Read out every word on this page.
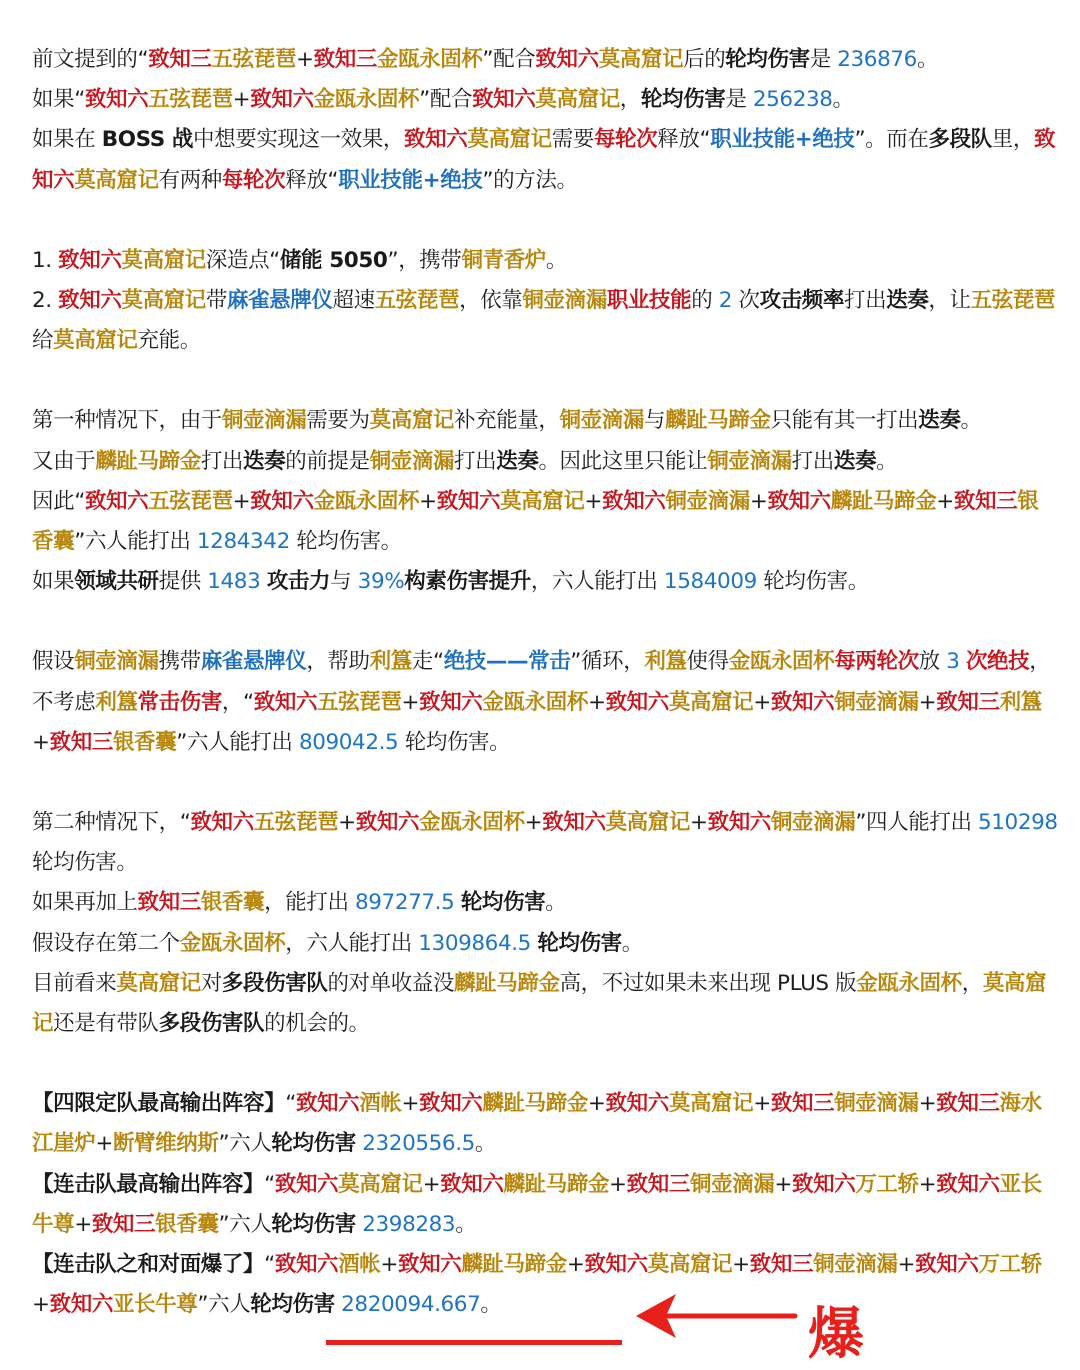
前文提到的“致知三五弦琵琶+致知三金瓯永固杯”配合致知六莫高窟记后的轮均伤害是 236876。

如果“致知六五弦琵琶+致知六金瓯永固杯”配合致知六莫高窟记，轮均伤害是 256238。

如果在 BOSS 战中想要实现这一效果，致知六莫高窟记需要每轮次释放“职业技能+绝技”。而在多段队里，致知六莫高窟记有两种每轮次释放“职业技能+绝技”的方法。

1. 致知六莫高窟记深造点“储能 5050”，携带铜青香炉。

2. 致知六莫高窟记带麻雀悬牌仪超速五弦琵琶，依靠铜壶滴漏职业技能的 2 次攻击频率打出迭奏，让五弦琵琶给莫高窟记充能。

第一种情况下，由于铜壶滴漏需要为莫高窟记补充能量，铜壶滴漏与麟趾马蹄金只能有其一打出迭奏。

又由于麟趾马蹄金打出迭奏的前提是铜壶滴漏打出迭奏。因此这里只能让铜壶滴漏打出迭奏。

因此“致知六五弦琵琶+致知六金瓯永固杯+致知六莫高窟记+致知六铜壶滴漏+致知六麟趾马蹄金+致知三银香囊”六人能打出 1284342 轮均伤害。

如果领域共研提供 1483 攻击力与 39%构素伤害提升，六人能打出 1584009 轮均伤害。

假设铜壶滴漏携带麻雀悬牌仪，帮助利簋走“绝技——常击”循环，利簋使得金瓯永固杯每两轮次放 3 次绝技，不考虑利簋常击伤害，“致知六五弦琵琶+致知六金瓯永固杯+致知六莫高窟记+致知六铜壶滴漏+致知三利簋+致知三银香囊”六人能打出 809042.5 轮均伤害。

第二种情况下，“致知六五弦琵琶+致知六金瓯永固杯+致知六莫高窟记+致知六铜壶滴漏”四人能打出 510298 轮均伤害。

如果再加上致知三银香囊，能打出 897277.5 轮均伤害。

假设存在第二个金瓯永固杯，六人能打出 1309864.5 轮均伤害。

目前看来莫高窟记对多段伤害队的对单收益没麟趾马蹄金高，不过如果未来出现 PLUS 版金瓯永固杯，莫高窟记还是有带队多段伤害队的机会的。

【四限定队最高输出阵容】“致知六酒帐+致知六麟趾马蹄金+致知六莫高窟记+致知三铜壶滴漏+致知三海水江崖炉+断臂维纳斯”六人轮均伤害 2320556.5。

【连击队最高输出阵容】“致知六莫高窟记+致知六麟趾马蹄金+致知三铜壶滴漏+致知六万工轿+致知六亚长牛尊+致知三银香囊”六人轮均伤害 2398283。

【连击队之和对面爆了】“致知六酒帐+致知六麟趾马蹄金+致知六莫高窟记+致知三铜壶滴漏+致知六万工轿+致知六亚长牛尊”六人轮均伤害 2820094.667。	爆
